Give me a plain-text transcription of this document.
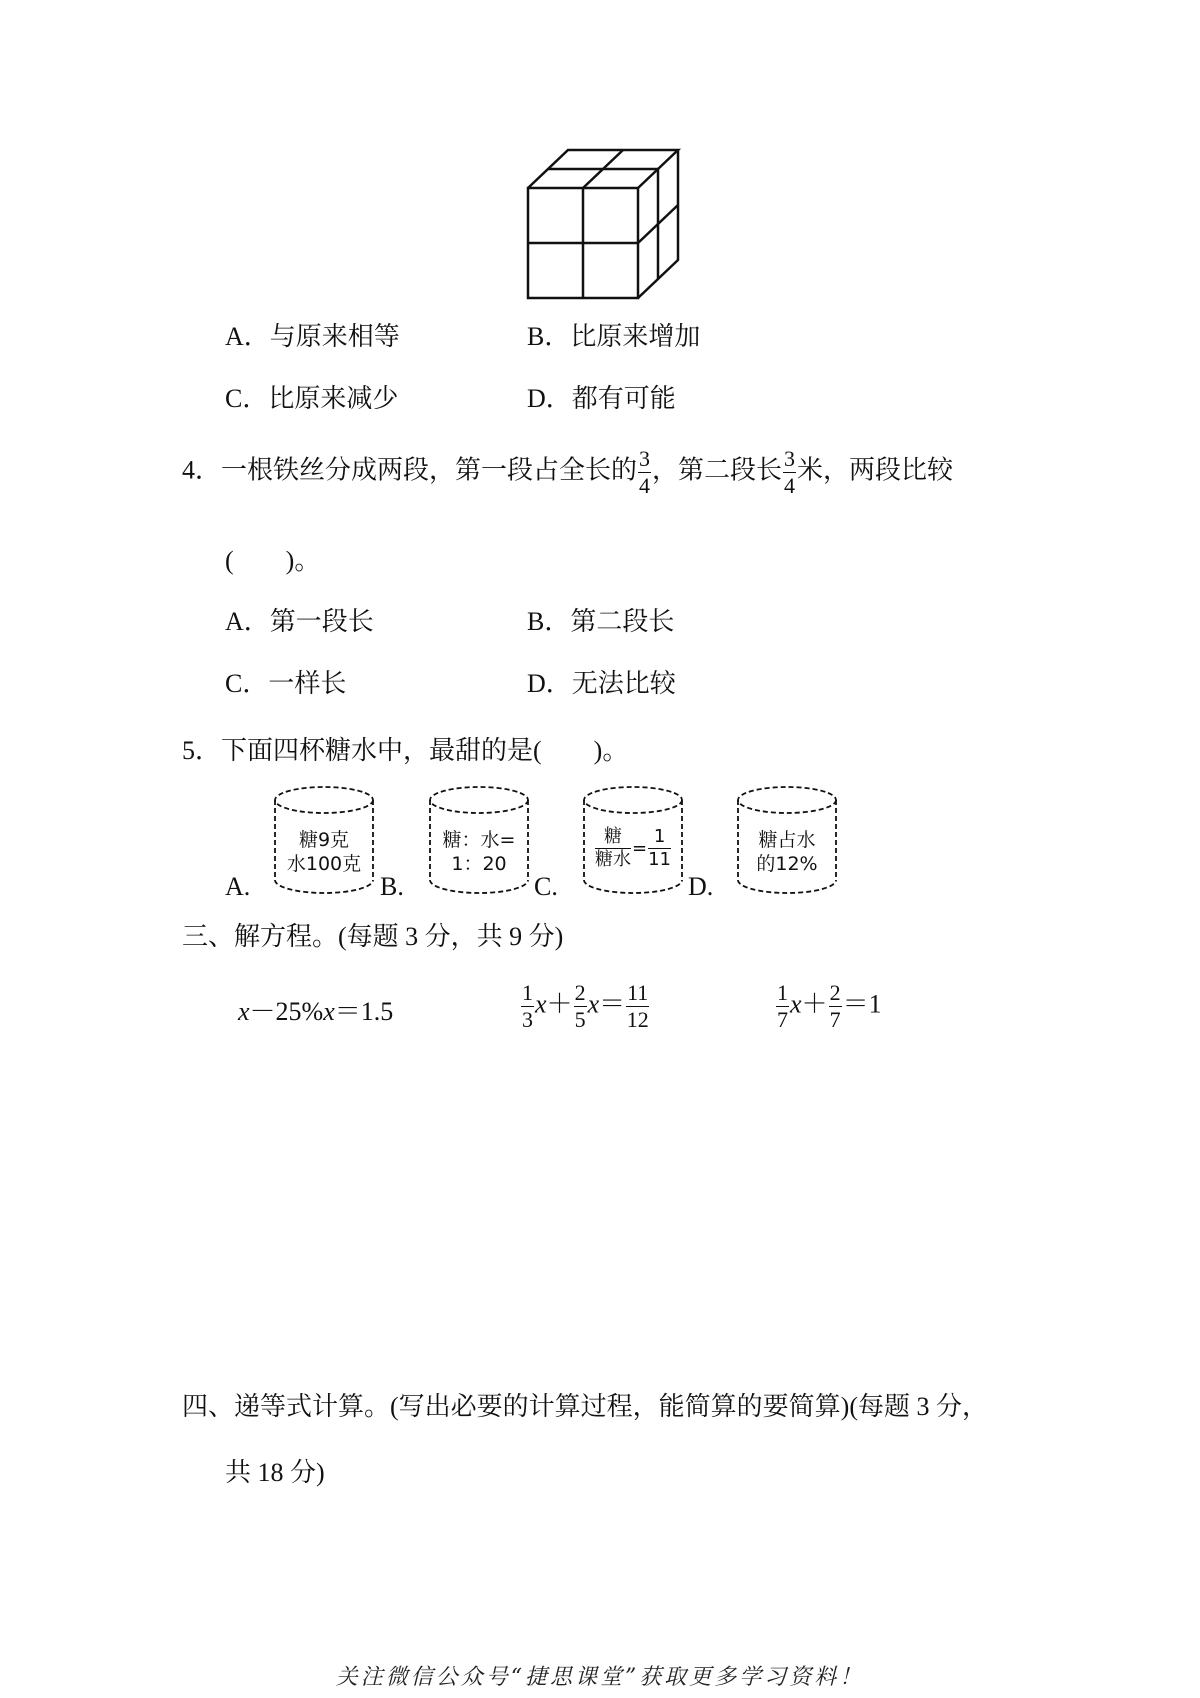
A．与原来相等	B．比原来增加
C．比原来减少	D．都有可能
4．一根铁丝分成两段，第一段占全长的 $\frac{3}{4}$ ，第二段长 $\frac{3}{4}$ 米，两段比较
(　　)。
A．第一段长	B．第二段长
C．一样长	D．无法比较
5．下面四杯糖水中，最甜的是(　　)。
A.
糖9克
水100克
B.
糖：水=
1：20
C.
$\frac{\text{糖}}{\text{糖水}} = \frac{1}{11}$
D.
糖占水
的12%
三、解方程。(每题 3 分，共 9 分)
x－25%x＝1.5	$\frac{1}{3} x+ \frac{2}{5} x= \frac{11}{12}$	$\frac{1}{7} x+ \frac{2}{7} =1$
四、递等式计算。(写出必要的计算过程，能简算的要简算)(每题 3 分，
共 18 分)
关注微信公众号“捷思课堂”获取更多学习资料！
